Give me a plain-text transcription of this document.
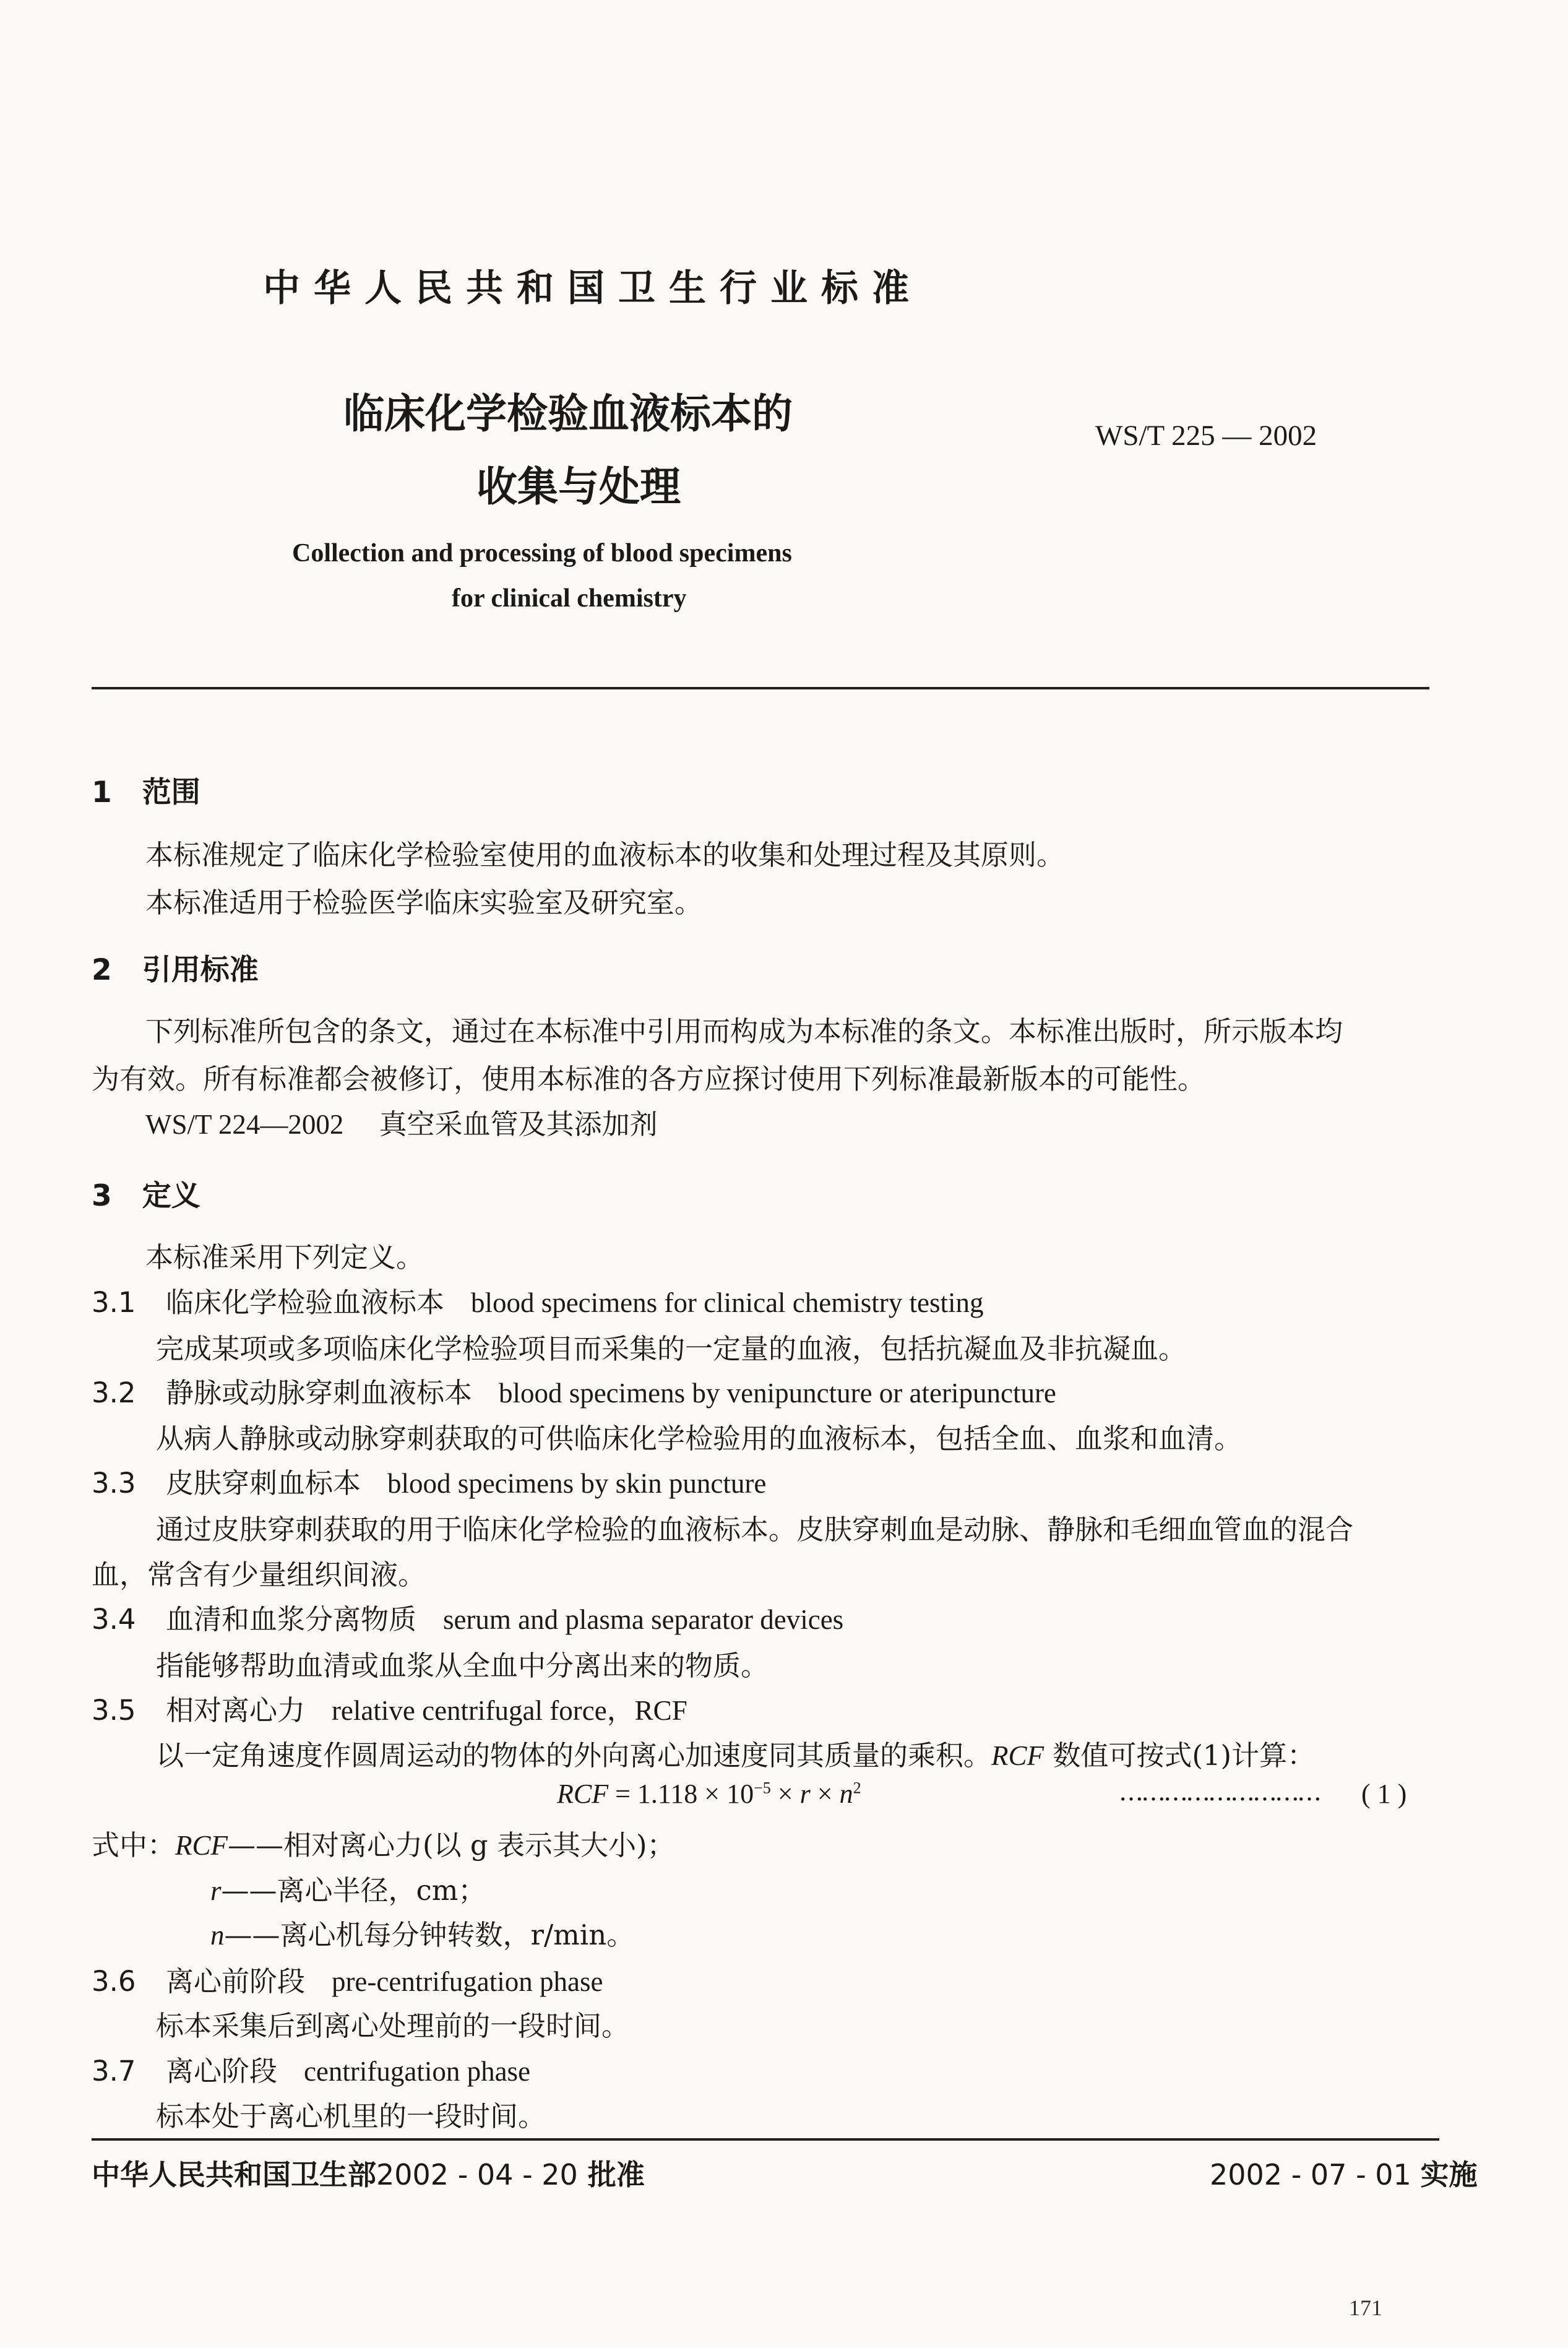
中华人民共和国卫生行业标准
临床化学检验血液标本的
收集与处理
WS/T 225 — 2002
Collection and processing of blood specimens
for clinical chemistry
1 范围
本标准规定了临床化学检验室使用的血液标本的收集和处理过程及其原则。
本标准适用于检验医学临床实验室及研究室。
2 引用标准
下列标准所包含的条文，通过在本标准中引用而构成为本标准的条文。本标准出版时，所示版本均
为有效。所有标准都会被修订，使用本标准的各方应探讨使用下列标准最新版本的可能性。
WS/T 224—2002 真空采血管及其添加剂
3 定义
本标准采用下列定义。
3.1 临床化学检验血液标本 blood specimens for clinical chemistry testing
完成某项或多项临床化学检验项目而采集的一定量的血液，包括抗凝血及非抗凝血。
3.2 静脉或动脉穿刺血液标本 blood specimens by venipuncture or ateripuncture
从病人静脉或动脉穿刺获取的可供临床化学检验用的血液标本，包括全血、血浆和血清。
3.3 皮肤穿刺血标本 blood specimens by skin puncture
通过皮肤穿刺获取的用于临床化学检验的血液标本。皮肤穿刺血是动脉、静脉和毛细血管血的混合
血，常含有少量组织间液。
3.4 血清和血浆分离物质 serum and plasma separator devices
指能够帮助血清或血浆从全血中分离出来的物质。
3.5 相对离心力 relative centrifugal force，RCF
以一定角速度作圆周运动的物体的外向离心加速度同其质量的乘积。RCF 数值可按式(1)计算：
RCF = $1.118 \times 10^{-5} \times r \times n^2$	……………………… ( 1 )
式中：RCF——相对离心力(以 g 表示其大小)；
r——离心半径，cm；
n——离心机每分钟转数，r/min。
3.6 离心前阶段 pre-centrifugation phase
标本采集后到离心处理前的一段时间。
3.7 离心阶段 centrifugation phase
标本处于离心机里的一段时间。
中华人民共和国卫生部2002 - 04 - 20 批准	2002 - 07 - 01 实施
171
